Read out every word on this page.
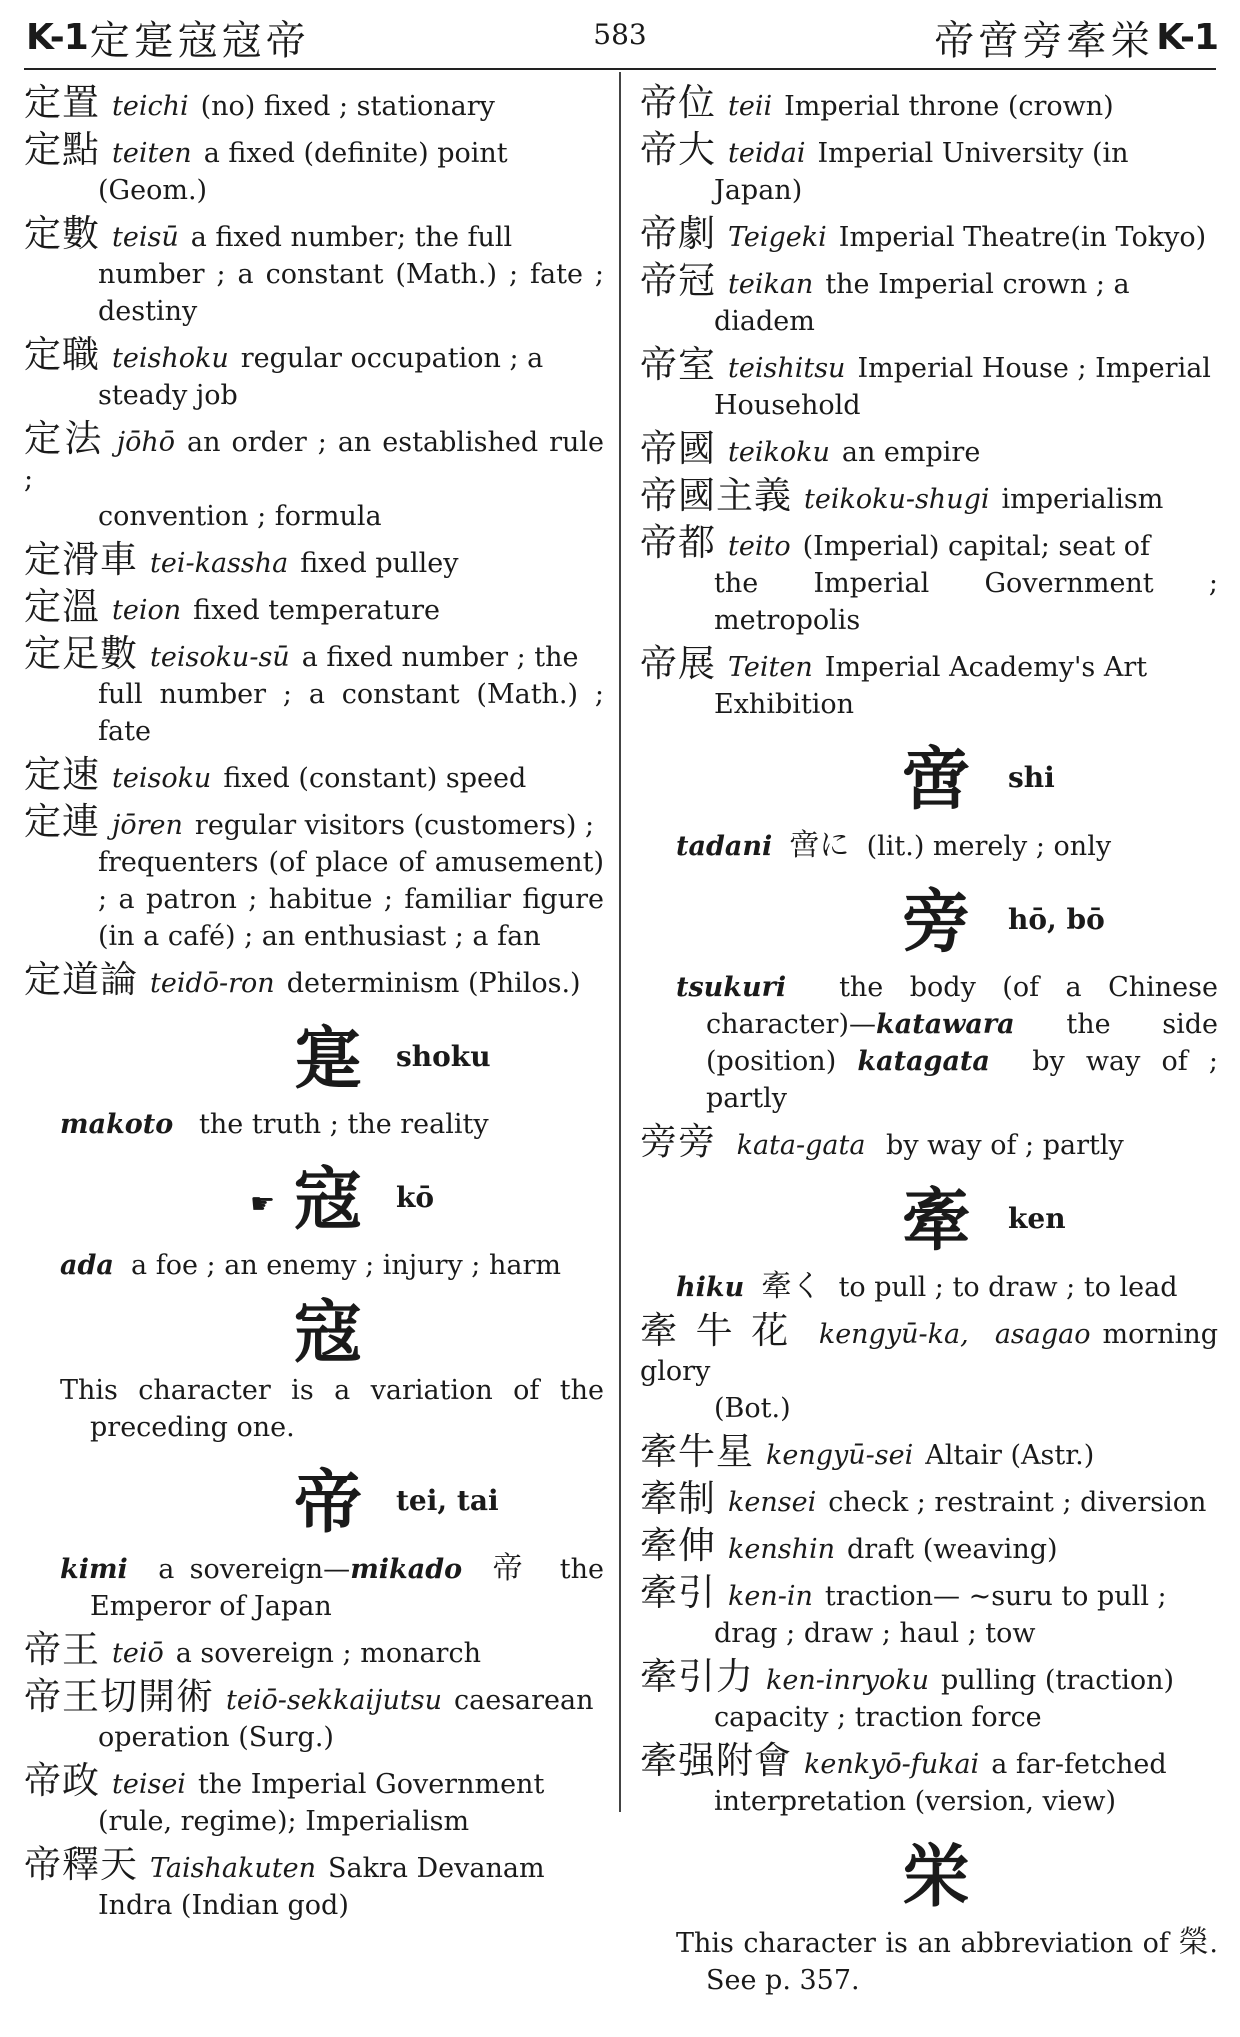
K-1 定寔寇寇帝	583	帝啻旁牽栄 K-1
定置 teichi (no) fixed ; stationary
定點 teiten a fixed (definite) point
(Geom.)
定數 teisū a fixed number; the full
number ; a constant (Math.) ; fate ; destiny
定職 teishoku regular occupation ; a
steady job
定法 jōhō an order ; an established rule ;
convention ; formula
定滑車 tei-kassha fixed pulley
定溫 teion fixed temperature
定足數 teisoku-sū a fixed number ; the
full number ; a constant (Math.) ; fate
定速 teisoku fixed (constant) speed
定連 jōren regular visitors (customers) ;
frequenters (of place of amusement) ; a patron ; habitue ; familiar figure (in a café) ; an enthusiast ; a fan
定道論 teidō-ron determinism (Philos.)
寔 shoku
makoto the truth ; the reality
☛ 寇 kō
ada a foe ; an enemy ; injury ; harm
寇
This character is a variation of the preceding one.
帝 tei, tai
kimi a sovereign—mikado 帝 the Emperor of Japan
帝王 teiō a sovereign ; monarch
帝王切開術 teiō-sekkaijutsu caesarean
operation (Surg.)
帝政 teisei the Imperial Government
(rule, regime); Imperialism
帝釋天 Taishakuten Sakra Devanam
Indra (Indian god)
帝位 teii Imperial throne (crown)
帝大 teidai Imperial University (in
Japan)
帝劇 Teigeki Imperial Theatre(in Tokyo)
帝冠 teikan the Imperial crown ; a
diadem
帝室 teishitsu Imperial House ; Imperial
Household
帝國 teikoku an empire
帝國主義 teikoku-shugi imperialism
帝都 teito (Imperial) capital; seat of
the Imperial Government ; metropolis
帝展 Teiten Imperial Academy's Art
Exhibition
啻 shi
tadani 啻に (lit.) merely ; only
旁 hō, bō
tsukuri the body (of a Chinese character)—katawara the side (position) katagata by way of ; partly
旁旁 kata-gata by way of ; partly
牽 ken
hiku 牽く to pull ; to draw ; to lead
牽牛花 kengyū-ka, asagao morning glory
(Bot.)
牽牛星 kengyū-sei Altair (Astr.)
牽制 kensei check ; restraint ; diversion
牽伸 kenshin draft (weaving)
牽引 ken-in traction— ~suru to pull ;
drag ; draw ; haul ; tow
牽引力 ken-inryoku pulling (traction)
capacity ; traction force
牽强附會 kenkyō-fukai a far-fetched
interpretation (version, view)
栄
This character is an abbreviation of 榮. See p. 357.
